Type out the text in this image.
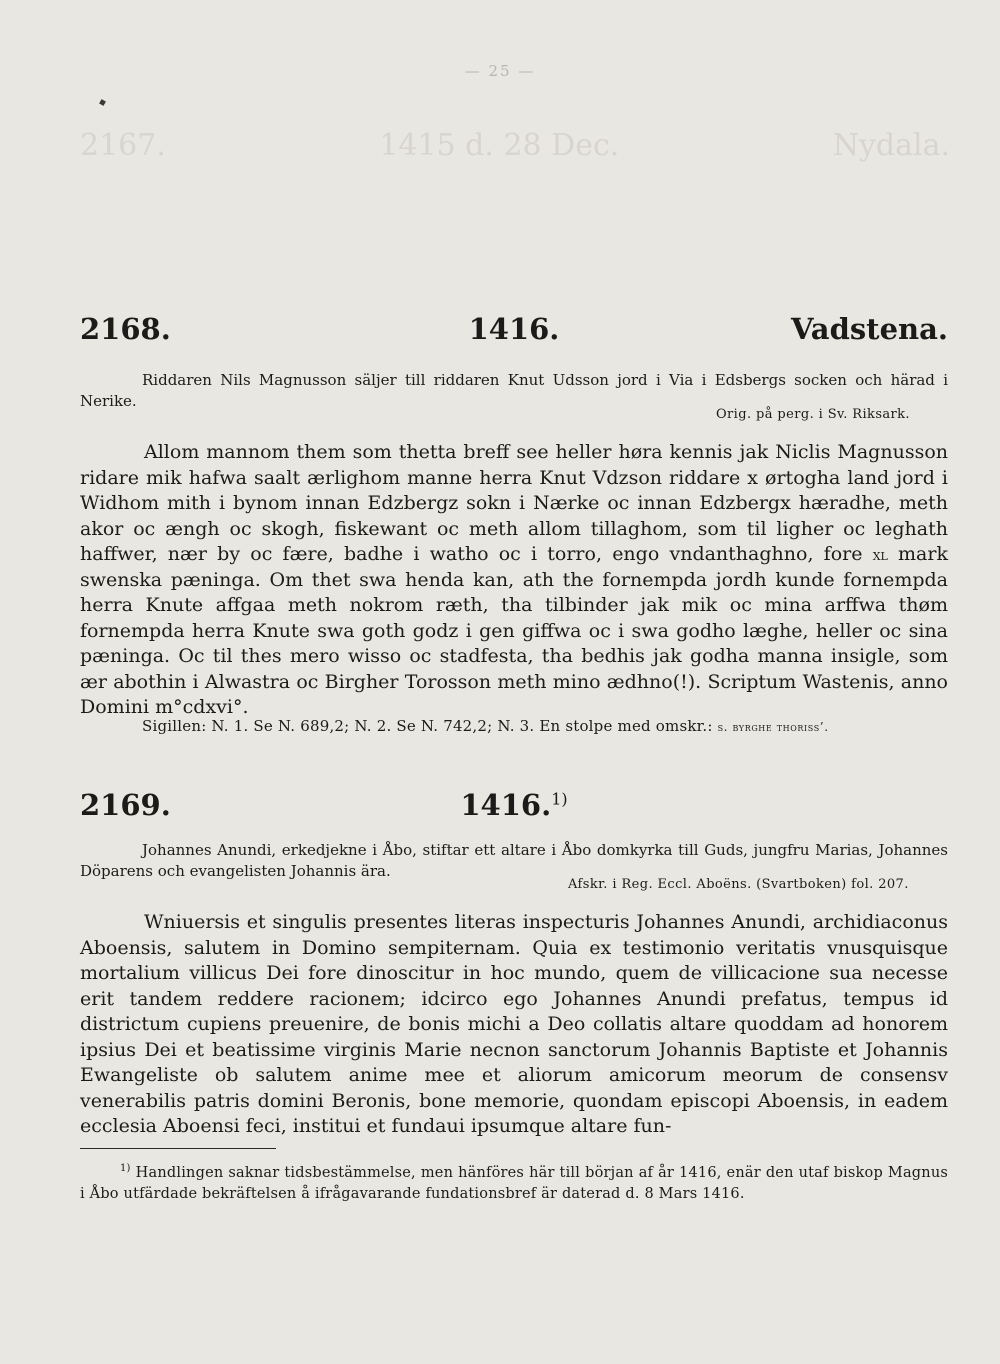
— 25 —
2167.	1415 d. 28 Dec.	Nydala.
2168.	1416.	Vadstena.
Riddaren Nils Magnusson säljer till riddaren Knut Udsson jord i Via i Edsbergs socken och härad i Nerike.
Orig. på perg. i Sv. Riksark.

Allom mannom them som thetta breff see heller høra kennis jak Niclis Magnusson ridare mik hafwa saalt ærlighom manne herra Knut Vdzson riddare x ørtogha land jord i Widhom mith i bynom innan Edzbergz sokn i Nærke oc innan Edzbergx hæradhe, meth akor oc ængh oc skogh, fiskewant oc meth allom tillaghom, som til ligher oc leghath haffwer, nær by oc fære, badhe i watho oc i torro, engo vndanthaghno, fore xl mark swenska pæninga. Om thet swa henda kan, ath the fornempda jordh kunde fornempda herra Knute affgaa meth nokrom ræth, tha tilbinder jak mik oc mina arffwa thøm fornempda herra Knute swa goth godz i gen giffwa oc i swa godho læghe, heller oc sina pæninga. Oc til thes mero wisso oc stadfesta, tha bedhis jak godha manna insigle, som ær abothin i Alwastra oc Birgher Torosson meth mino ædhno(!). Scriptum Wastenis, anno Domini m°cdxvi°.

Sigillen: N. 1. Se N. 689,2; N. 2. Se N. 742,2; N. 3. En stolpe med omskr.: s. byrghe thoriss’.
2169.	1416.$^{1)}$
Johannes Anundi, erkedjekne i Åbo, stiftar ett altare i Åbo domkyrka till Guds, jungfru Marias, Johannes Döparens och evangelisten Johannis ära.
Afskr. i Reg. Eccl. Aboëns. (Svartboken) fol. 207.

Wniuersis et singulis presentes literas inspecturis Johannes Anundi, archidiaconus Aboensis, salutem in Domino sempiternam. Quia ex testimonio veritatis vnusquisque mortalium villicus Dei fore dinoscitur in hoc mundo, quem de villicacione sua necesse erit tandem reddere racionem; idcirco ego Johannes Anundi prefatus, tempus id districtum cupiens preuenire, de bonis michi a Deo collatis altare quoddam ad honorem ipsius Dei et beatissime virginis Marie necnon sanctorum Johannis Baptiste et Johannis Ewangeliste ob salutem anime mee et aliorum amicorum meorum de consensv venerabilis patris domini Beronis, bone memorie, quondam episcopi Aboensis, in eadem ecclesia Aboensi feci, institui et fundaui ipsumque altare fun-

$^{1)}$ Handlingen saknar tidsbestämmelse, men hänföres här till början af år 1416, enär den utaf biskop Magnus i Åbo utfärdade bekräftelsen å ifrågavarande fundationsbref är daterad d. 8 Mars 1416.
